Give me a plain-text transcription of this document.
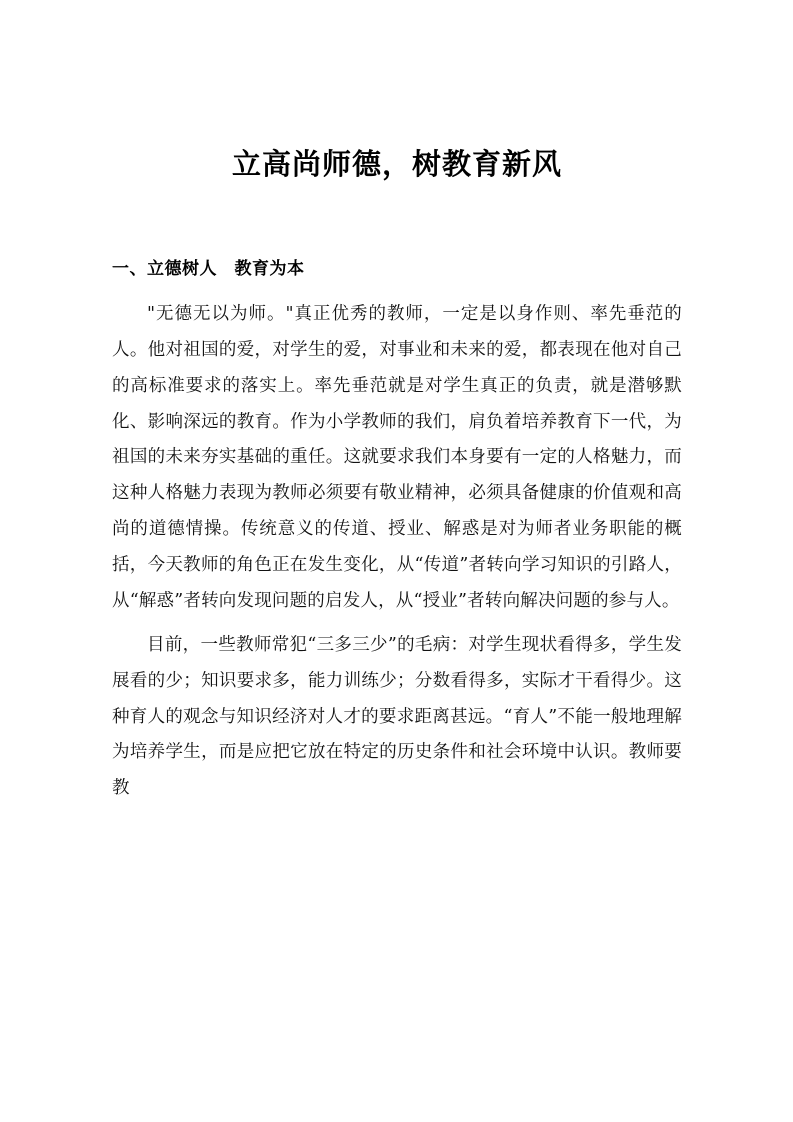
立高尚师德，树教育新风
一、立德树人　教育为本

"无德无以为师。"真正优秀的教师，一定是以身作则、率先垂范的人。他对祖国的爱，对学生的爱，对事业和未来的爱，都表现在他对自己的高标准要求的落实上。率先垂范就是对学生真正的负责，就是潜够默化、影响深远的教育。作为小学教师的我们，肩负着培养教育下一代，为祖国的未来夯实基础的重任。这就要求我们本身要有一定的人格魅力，而这种人格魅力表现为教师必须要有敬业精神，必须具备健康的价值观和高尚的道德情操。传统意义的传道、授业、解惑是对为师者业务职能的概括，今天教师的角色正在发生变化，从“传道”者转向学习知识的引路人，从“解惑”者转向发现问题的启发人，从“授业”者转向解决问题的参与人。

目前，一些教师常犯“三多三少”的毛病：对学生现状看得多，学生发展看的少；知识要求多，能力训练少；分数看得多，实际才干看得少。这种育人的观念与知识经济对人才的要求距离甚远。“育人”不能一般地理解为培养学生，而是应把它放在特定的历史条件和社会环境中认识。教师要教
